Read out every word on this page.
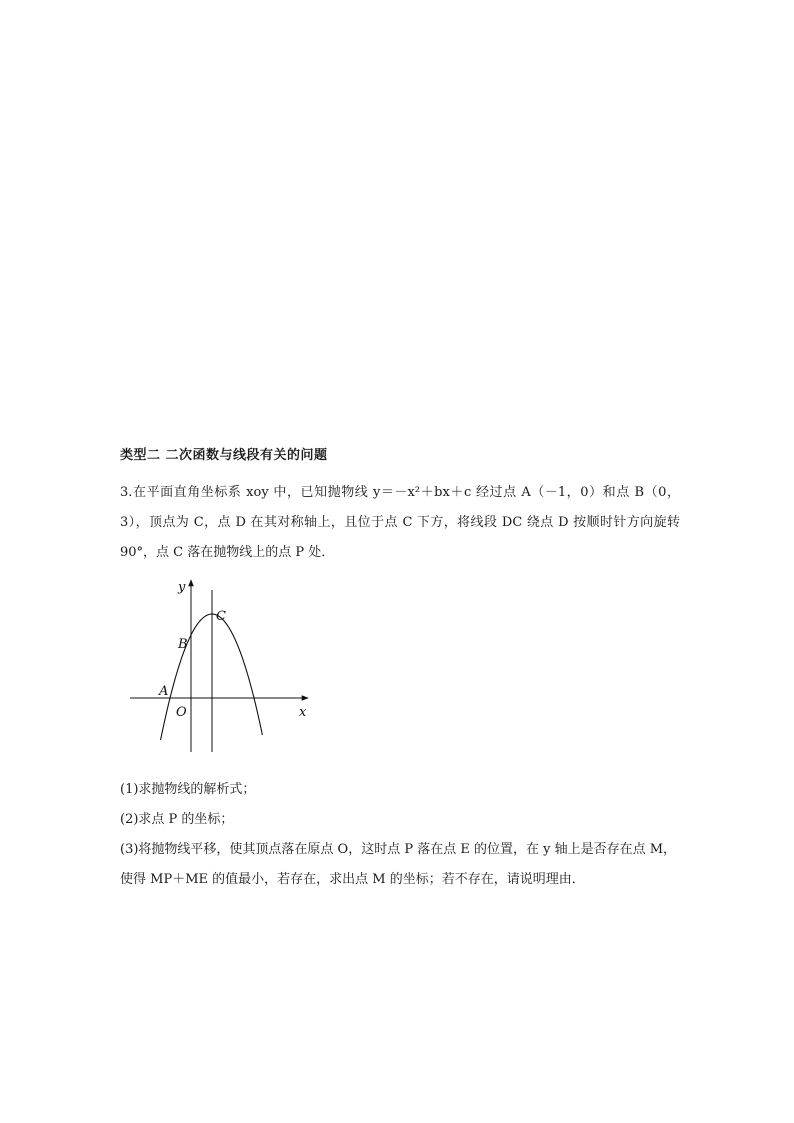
类型二 二次函数与线段有关的问题

3.在平面直角坐标系 xoy 中，已知抛物线 y＝－x²＋bx＋c 经过点 A（－1，0）和点 B（0，3），顶点为 C，点 D 在其对称轴上，且位于点 C 下方，将线段 DC 绕点 D 按顺时针方向旋转 90°，点 C 落在抛物线上的点 P 处．

y
x
O
A
B
C

(1)求抛物线的解析式；

(2)求点 P 的坐标；

(3)将抛物线平移，使其顶点落在原点 O，这时点 P 落在点 E 的位置，在 y 轴上是否存在点 M，使得 MP＋ME 的值最小，若存在，求出点 M 的坐标；若不存在，请说明理由．
